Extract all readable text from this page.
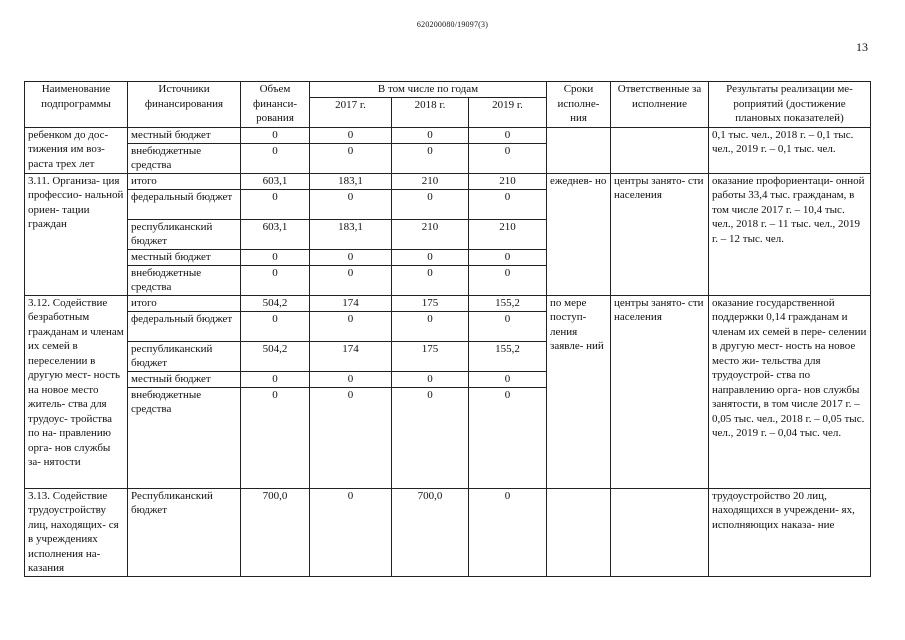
620200080/19097(3)
13
Наименование подпрограммы	Источники финансирования	Объем финанси- рования	В том числе по годам			Сроки исполне- ния	Ответственные за исполнение	Результаты реализации ме- роприятий (достижение плановых показателей)
			2017 г.	2018 г.	2019 г.			
ребенком до дос- тижения им воз- раста трех лет	местный бюджет	0	0	0	0			0,1 тыс. чел., 2018 г. – 0,1 тыс. чел., 2019 г. – 0,1 тыс. чел.
	внебюджетные средства	0	0	0	0			
3.11. Организа- ция профессио- нальной ориен- тации граждан	итого	603,1	183,1	210	210	ежеднев- но	центры занято- сти населения	оказание профориентаци- онной работы 33,4 тыс. гражданам, в том числе 2017 г. – 10,4 тыс. чел., 2018 г. – 11 тыс. чел., 2019 г. – 12 тыс. чел.
	федеральный бюджет	0	0	0	0			
	республиканский бюджет	603,1	183,1	210	210			
	местный бюджет	0	0	0	0			
	внебюджетные средства	0	0	0	0			
3.12. Содействие безработным гражданам и членам их семей в переселении в другую мест- ность на новое место житель- ства для трудоус- тройства по на- правлению орга- нов службы за- нятости	итого	504,2	174	175	155,2	по мере поступ- ления заявле- ний	центры занято- сти населения	оказание государственной поддержки 0,14 гражданам и членам их семей в пере- селении в другую мест- ность на новое место жи- тельства для трудоустрой- ства по направлению орга- нов службы занятости, в том числе 2017 г. – 0,05 тыс. чел., 2018 г. – 0,05 тыс. чел., 2019 г. – 0,04 тыс. чел.
	федеральный бюджет	0	0	0	0			
	республиканский бюджет	504,2	174	175	155,2			
	местный бюджет	0	0	0	0			
	внебюджетные средства	0	0	0	0			
3.13. Содействие трудоустройству лиц, находящих- ся в учреждениях исполнения на- казания	Республиканский бюджет	700,0	0	700,0	0			трудоустройство 20 лиц, находящихся в учреждени- ях, исполняющих наказа- ние
